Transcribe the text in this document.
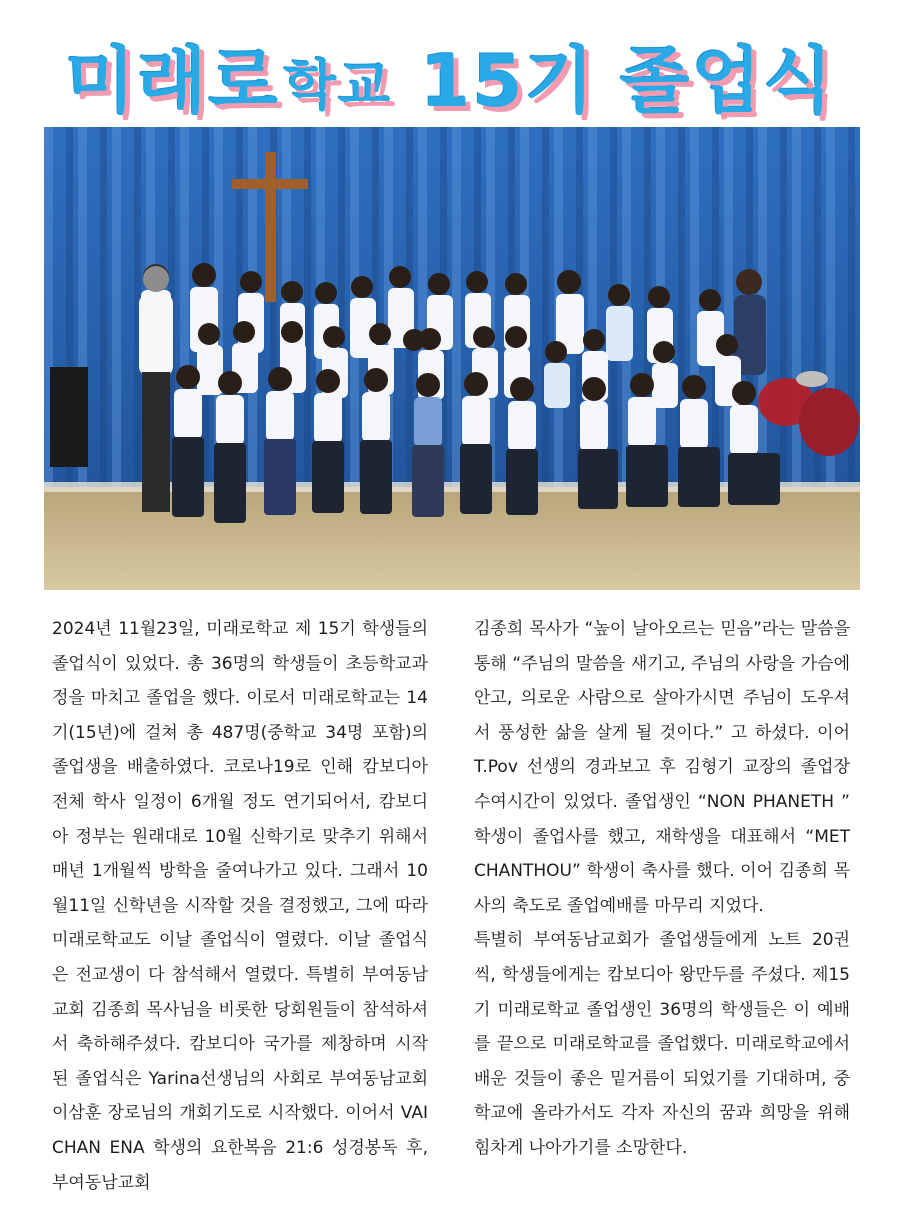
미래로 학교 15기 졸업식

2024년 11월23일, 미래로학교 제 15기 학생들의 졸업식이 있었다. 총 36명의 학생들이 초등학교과정을 마치고 졸업을 했다. 이로서 미래로학교는 14기(15년)에 걸쳐 총 487명(중학교 34명 포함)의 졸업생을 배출하였다. 코로나19로 인해 캄보디아 전체 학사 일정이 6개월 정도 연기되어서, 캄보디아 정부는 원래대로 10월 신학기로 맞추기 위해서 매년 1개월씩 방학을 줄여나가고 있다. 그래서 10월11일 신학년을 시작할 것을 결정했고, 그에 따라 미래로학교도 이날 졸업식이 열렸다. 이날 졸업식은 전교생이 다 참석해서 열렸다. 특별히 부여동남교회 김종희 목사님을 비롯한 당회원들이 참석하셔서 축하해주셨다. 캄보디아 국가를 제창하며 시작된 졸업식은 Yarina선생님의 사회로 부여동남교회 이삼훈 장로님의 개회기도로 시작했다. 이어서 VAI CHAN ENA 학생의 요한복음 21:6 성경봉독 후, 부여동남교회

김종희 목사가 “높이 날아오르는 믿음”라는 말씀을 통해 “주님의 말씀을 새기고, 주님의 사랑을 가슴에 안고, 의로운 사람으로 살아가시면 주님이 도우셔서 풍성한 삶을 살게 될 것이다.” 고 하셨다. 이어 T.Pov 선생의 경과보고 후 김형기 교장의 졸업장 수여시간이 있었다. 졸업생인 “NON PHANETH ” 학생이 졸업사를 했고, 재학생을 대표해서 “MET CHANTHOU” 학생이 축사를 했다. 이어 김종희 목사의 축도로 졸업예배를 마무리 지었다.

특별히 부여동남교회가 졸업생들에게 노트 20권씩, 학생들에게는 캄보디아 왕만두를 주셨다. 제15기 미래로학교 졸업생인 36명의 학생들은 이 예배를 끝으로 미래로학교를 졸업했다. 미래로학교에서 배운 것들이 좋은 밑거름이 되었기를 기대하며, 중학교에 올라가서도 각자 자신의 꿈과 희망을 위해 힘차게 나아가기를 소망한다.
